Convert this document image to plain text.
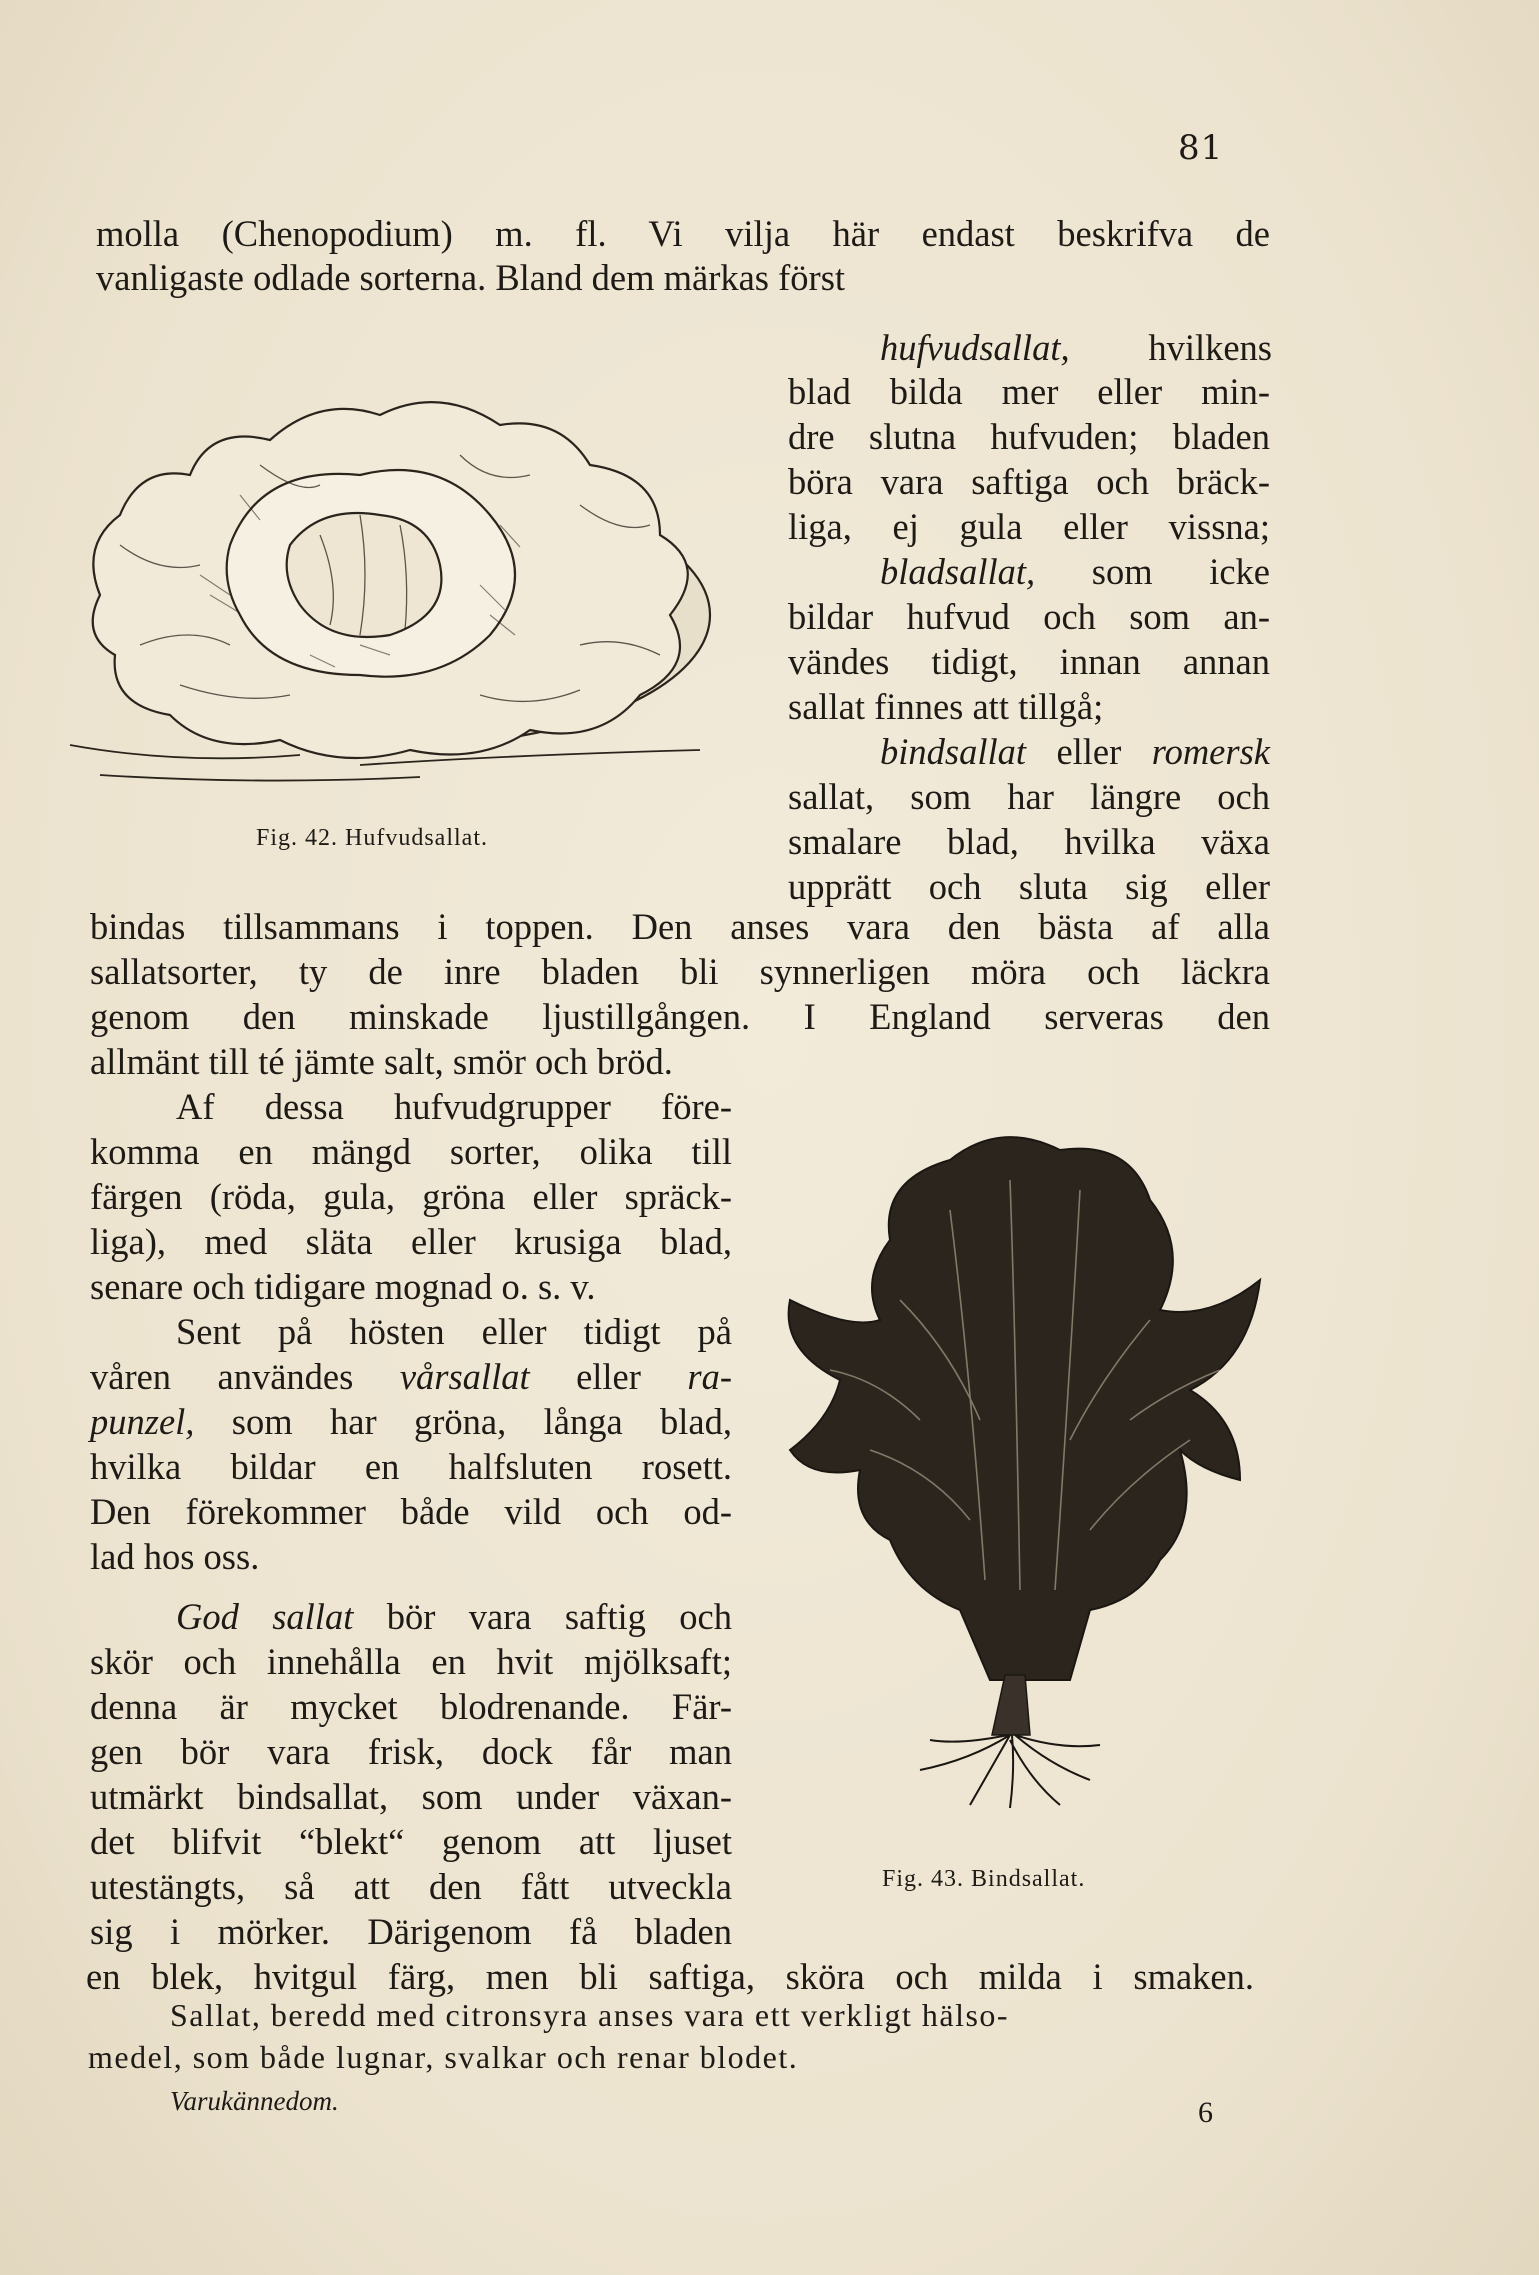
81
molla (Chenopodium) m. fl. Vi vilja här endast beskrifva de
vanligaste odlade sorterna. Bland dem märkas först
hufvudsallat, hvilkens
blad bilda mer eller min-
dre slutna hufvuden; bladen
böra vara saftiga och bräck-
liga, ej gula eller vissna;
bladsallat, som icke
bildar hufvud och som an-
vändes tidigt, innan annan
sallat finnes att tillgå;
bindsallat eller romersk
sallat, som har längre och
smalare blad, hvilka växa
upprätt och sluta sig eller
bindas tillsammans i toppen. Den anses vara den bästa af alla
sallatsorter, ty de inre bladen bli synnerligen möra och läckra
genom den minskade ljustillgången. I England serveras den
allmänt till té jämte salt, smör och bröd.
Fig. 42. Hufvudsallat.
Af dessa hufvudgrupper före-
komma en mängd sorter, olika till
färgen (röda, gula, gröna eller spräck-
liga), med släta eller krusiga blad,
senare och tidigare mognad o. s. v.
Sent på hösten eller tidigt på
våren användes vårsallat eller ra-
punzel, som har gröna, långa blad,
hvilka bildar en halfsluten rosett.
Den förekommer både vild och od-
lad hos oss.
God sallat bör vara saftig och
skör och innehålla en hvit mjölksaft;
denna är mycket blodrenande. Fär-
gen bör vara frisk, dock får man
utmärkt bindsallat, som under växan-
det blifvit “blekt“ genom att ljuset
utestängts, så att den fått utveckla
sig i mörker. Därigenom få bladen
en blek, hvitgul färg, men bli saftiga, sköra och milda i smaken.
Fig. 43. Bindsallat.
Sallat, beredd med citronsyra anses vara ett verkligt hälso-
medel, som både lugnar, svalkar och renar blodet.
Varukännedom.	6
